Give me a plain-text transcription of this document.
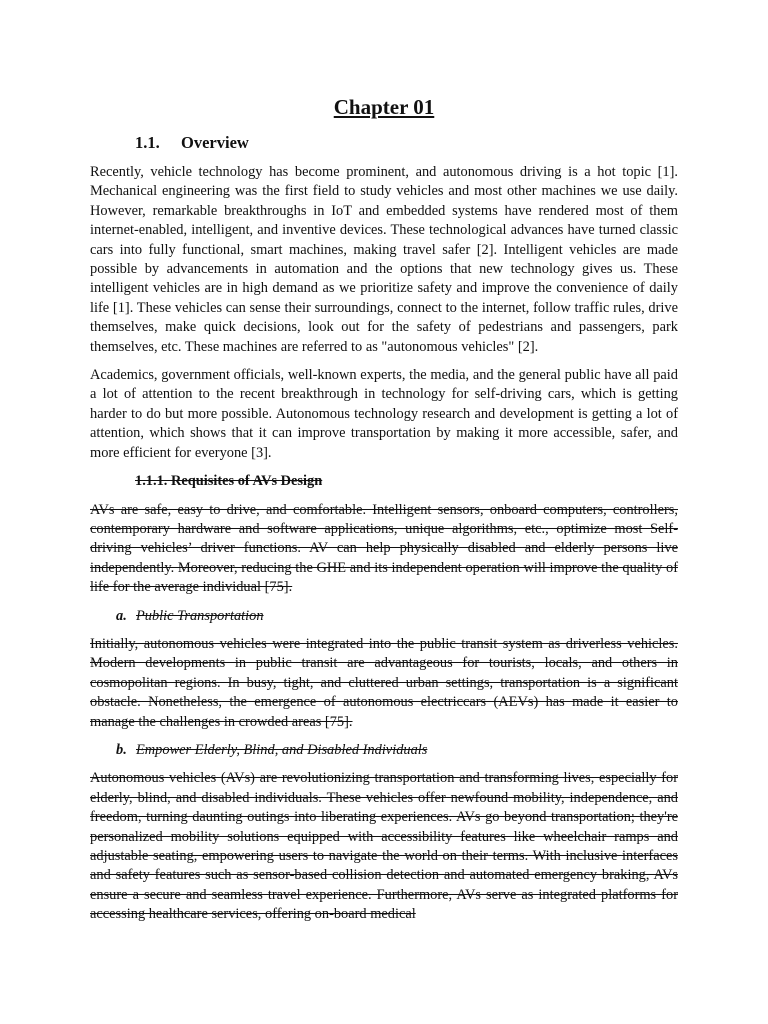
Chapter 01
1.1. Overview

Recently, vehicle technology has become prominent, and autonomous driving is a hot topic [1]. Mechanical engineering was the first field to study vehicles and most other machines we use daily. However, remarkable breakthroughs in IoT and embedded systems have rendered most of them internet-enabled, intelligent, and inventive devices. These technological advances have turned classic cars into fully functional, smart machines, making travel safer [2]. Intelligent vehicles are made possible by advancements in automation and the options that new technology gives us. These intelligent vehicles are in high demand as we prioritize safety and improve the convenience of daily life [1]. These vehicles can sense their surroundings, connect to the internet, follow traffic rules, drive themselves, make quick decisions, look out for the safety of pedestrians and passengers, park themselves, etc. These machines are referred to as "autonomous vehicles" [2].

Academics, government officials, well-known experts, the media, and the general public have all paid a lot of attention to the recent breakthrough in technology for self-driving cars, which is getting harder to do but more possible. Autonomous technology research and development is getting a lot of attention, which shows that it can improve transportation by making it more accessible, safer, and more efficient for everyone [3].

1.1.1. Requisites of AVs Design

AVs are safe, easy to drive, and comfortable. Intelligent sensors, onboard computers, controllers, contemporary hardware and software applications, unique algorithms, etc., optimize most Self-driving vehicles’ driver functions. AV can help physically disabled and elderly persons live independently. Moreover, reducing the GHE and its independent operation will improve the quality of life for the average individual [75].

a. Public Transportation

Initially, autonomous vehicles were integrated into the public transit system as driverless vehicles. Modern developments in public transit are advantageous for tourists, locals, and others in cosmopolitan regions. In busy, tight, and cluttered urban settings, transportation is a significant obstacle. Nonetheless, the emergence of autonomous electriccars (AEVs) has made it easier to manage the challenges in crowded areas [75].

b. Empower Elderly, Blind, and Disabled Individuals

Autonomous vehicles (AVs) are revolutionizing transportation and transforming lives, especially for elderly, blind, and disabled individuals. These vehicles offer newfound mobility, independence, and freedom, turning daunting outings into liberating experiences. AVs go beyond transportation; they're personalized mobility solutions equipped with accessibility features like wheelchair ramps and adjustable seating, empowering users to navigate the world on their terms. With inclusive interfaces and safety features such as sensor-based collision detection and automated emergency braking, AVs ensure a secure and seamless travel experience. Furthermore, AVs serve as integrated platforms for accessing healthcare services, offering on-board medical
